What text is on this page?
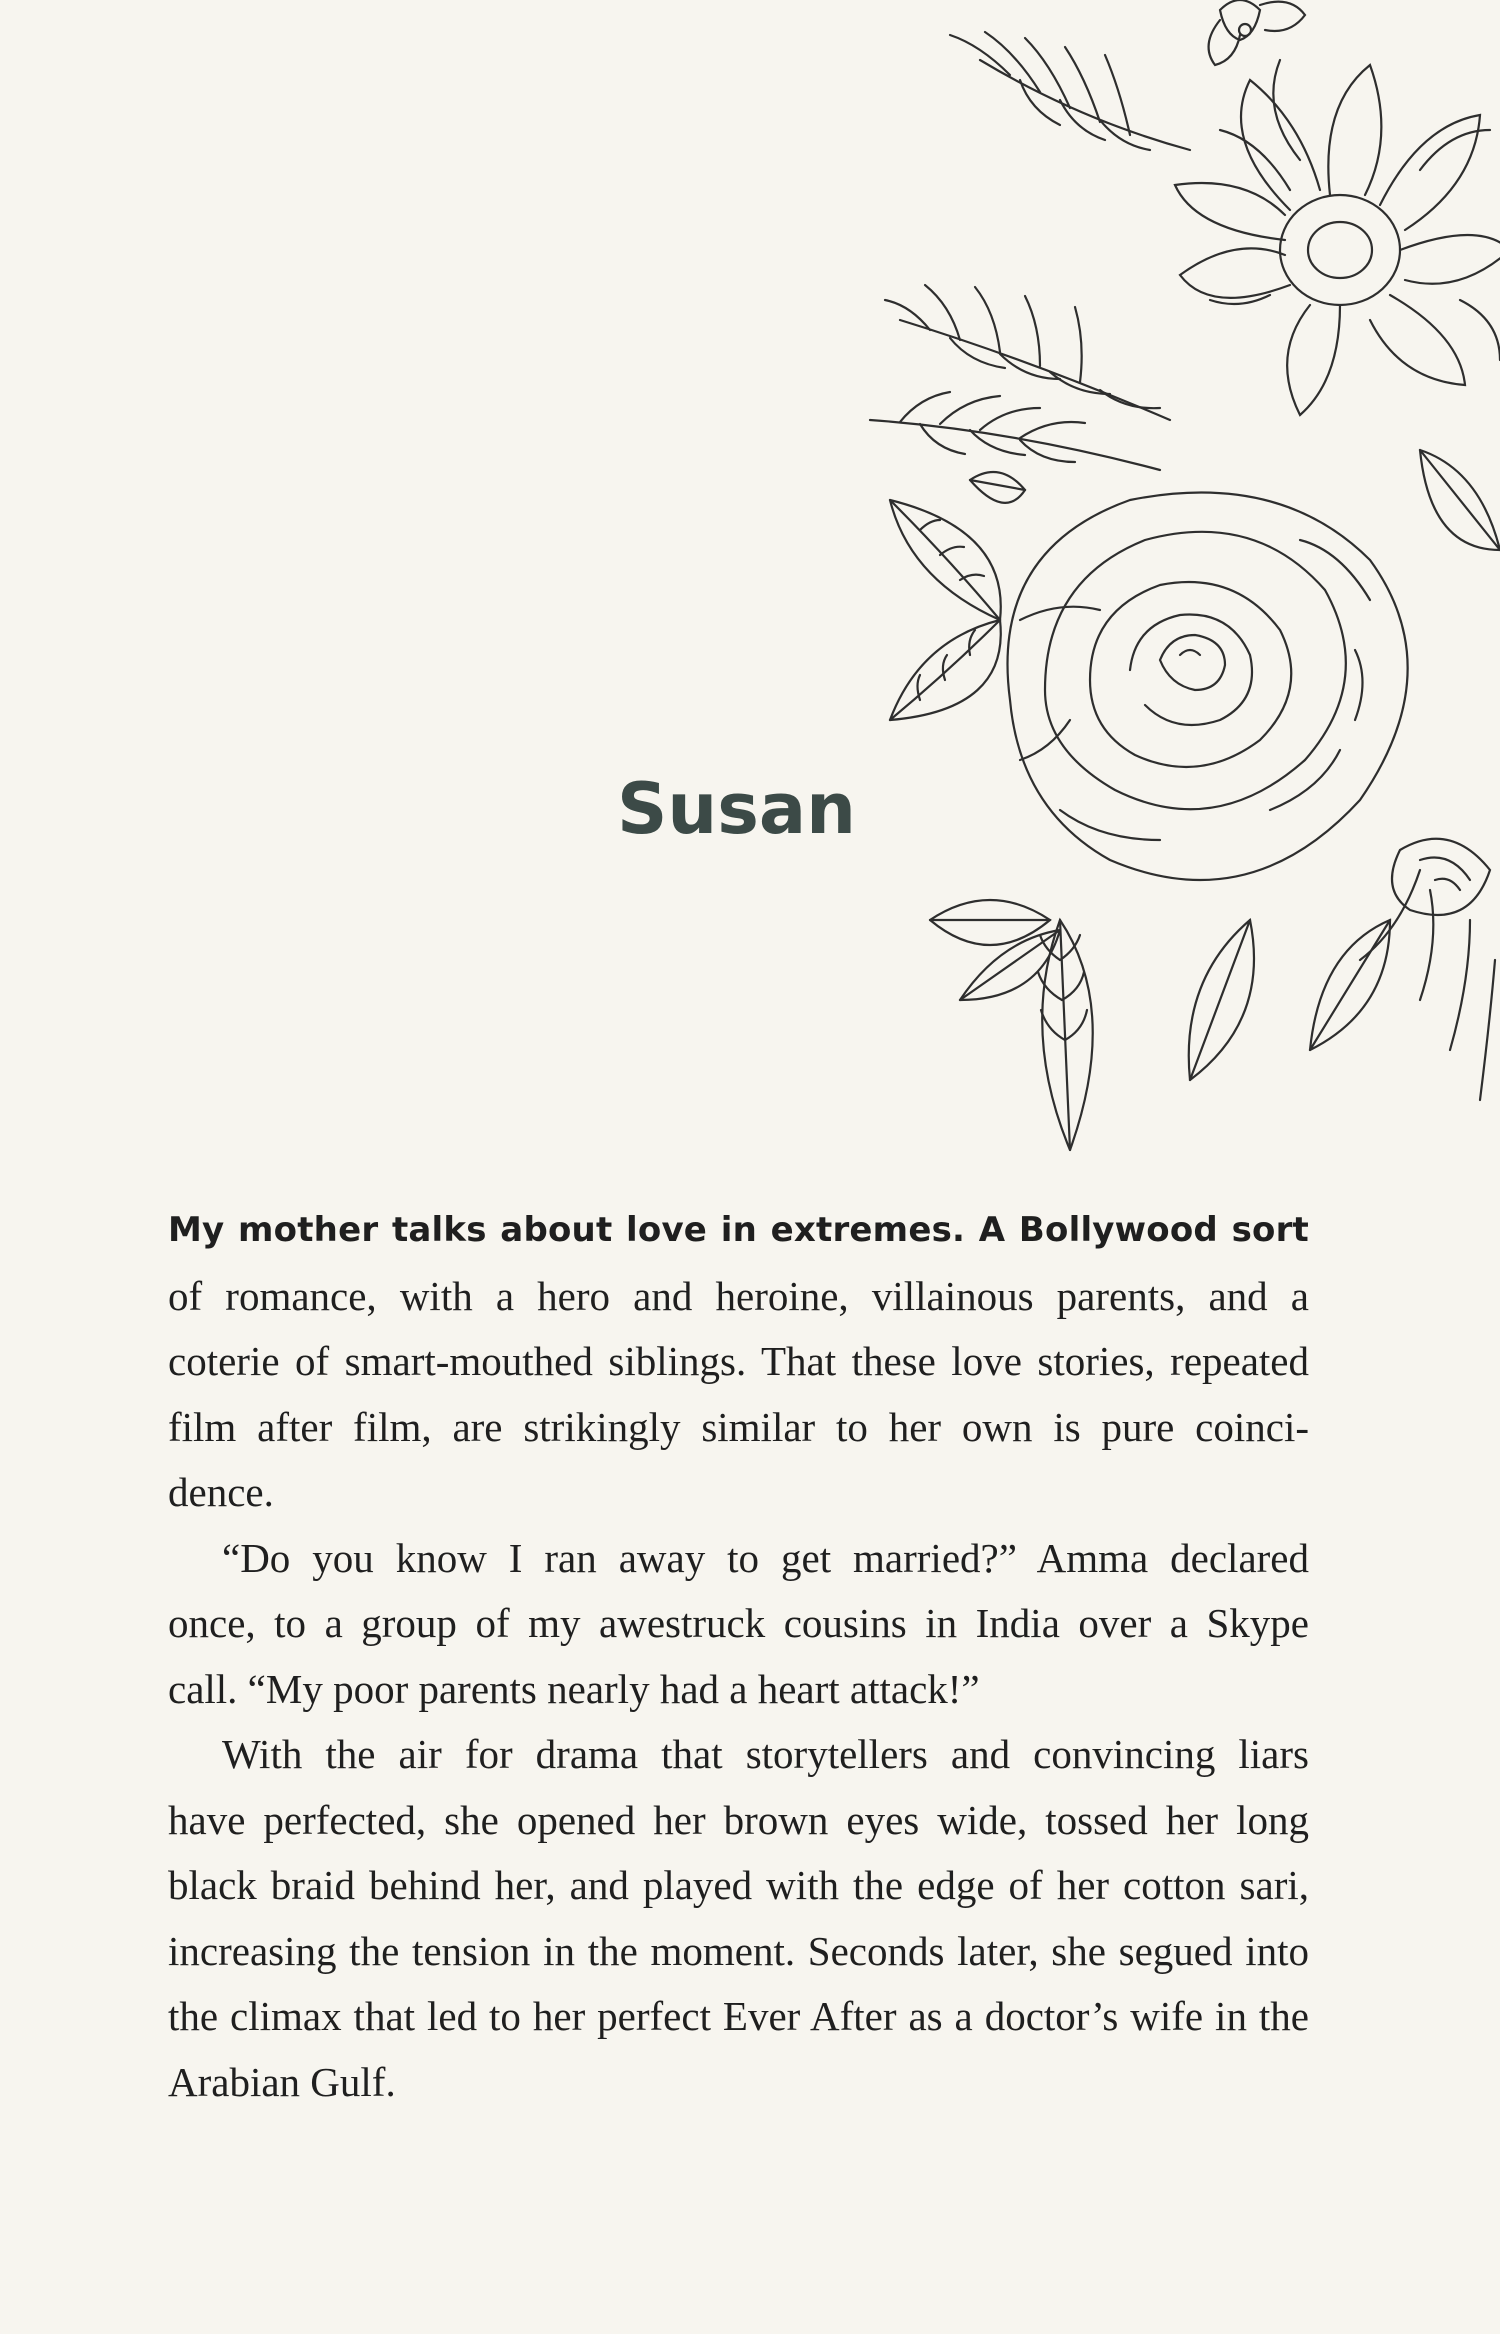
Susan
My mother talks about love in extremes. A Bollywood sort
of romance, with a hero and heroine, villainous parents, and a
coterie of smart-mouthed siblings. That these love stories, repeated
film after film, are strikingly similar to her own is pure coinci-
dence.
“Do you know I ran away to get married?” Amma declared
once, to a group of my awestruck cousins in India over a Skype
call. “My poor parents nearly had a heart attack!”
With the air for drama that storytellers and convincing liars
have perfected, she opened her brown eyes wide, tossed her long
black braid behind her, and played with the edge of her cotton sari,
increasing the tension in the moment. Seconds later, she segued into
the climax that led to her perfect Ever After as a doctor’s wife in the
Arabian Gulf.
